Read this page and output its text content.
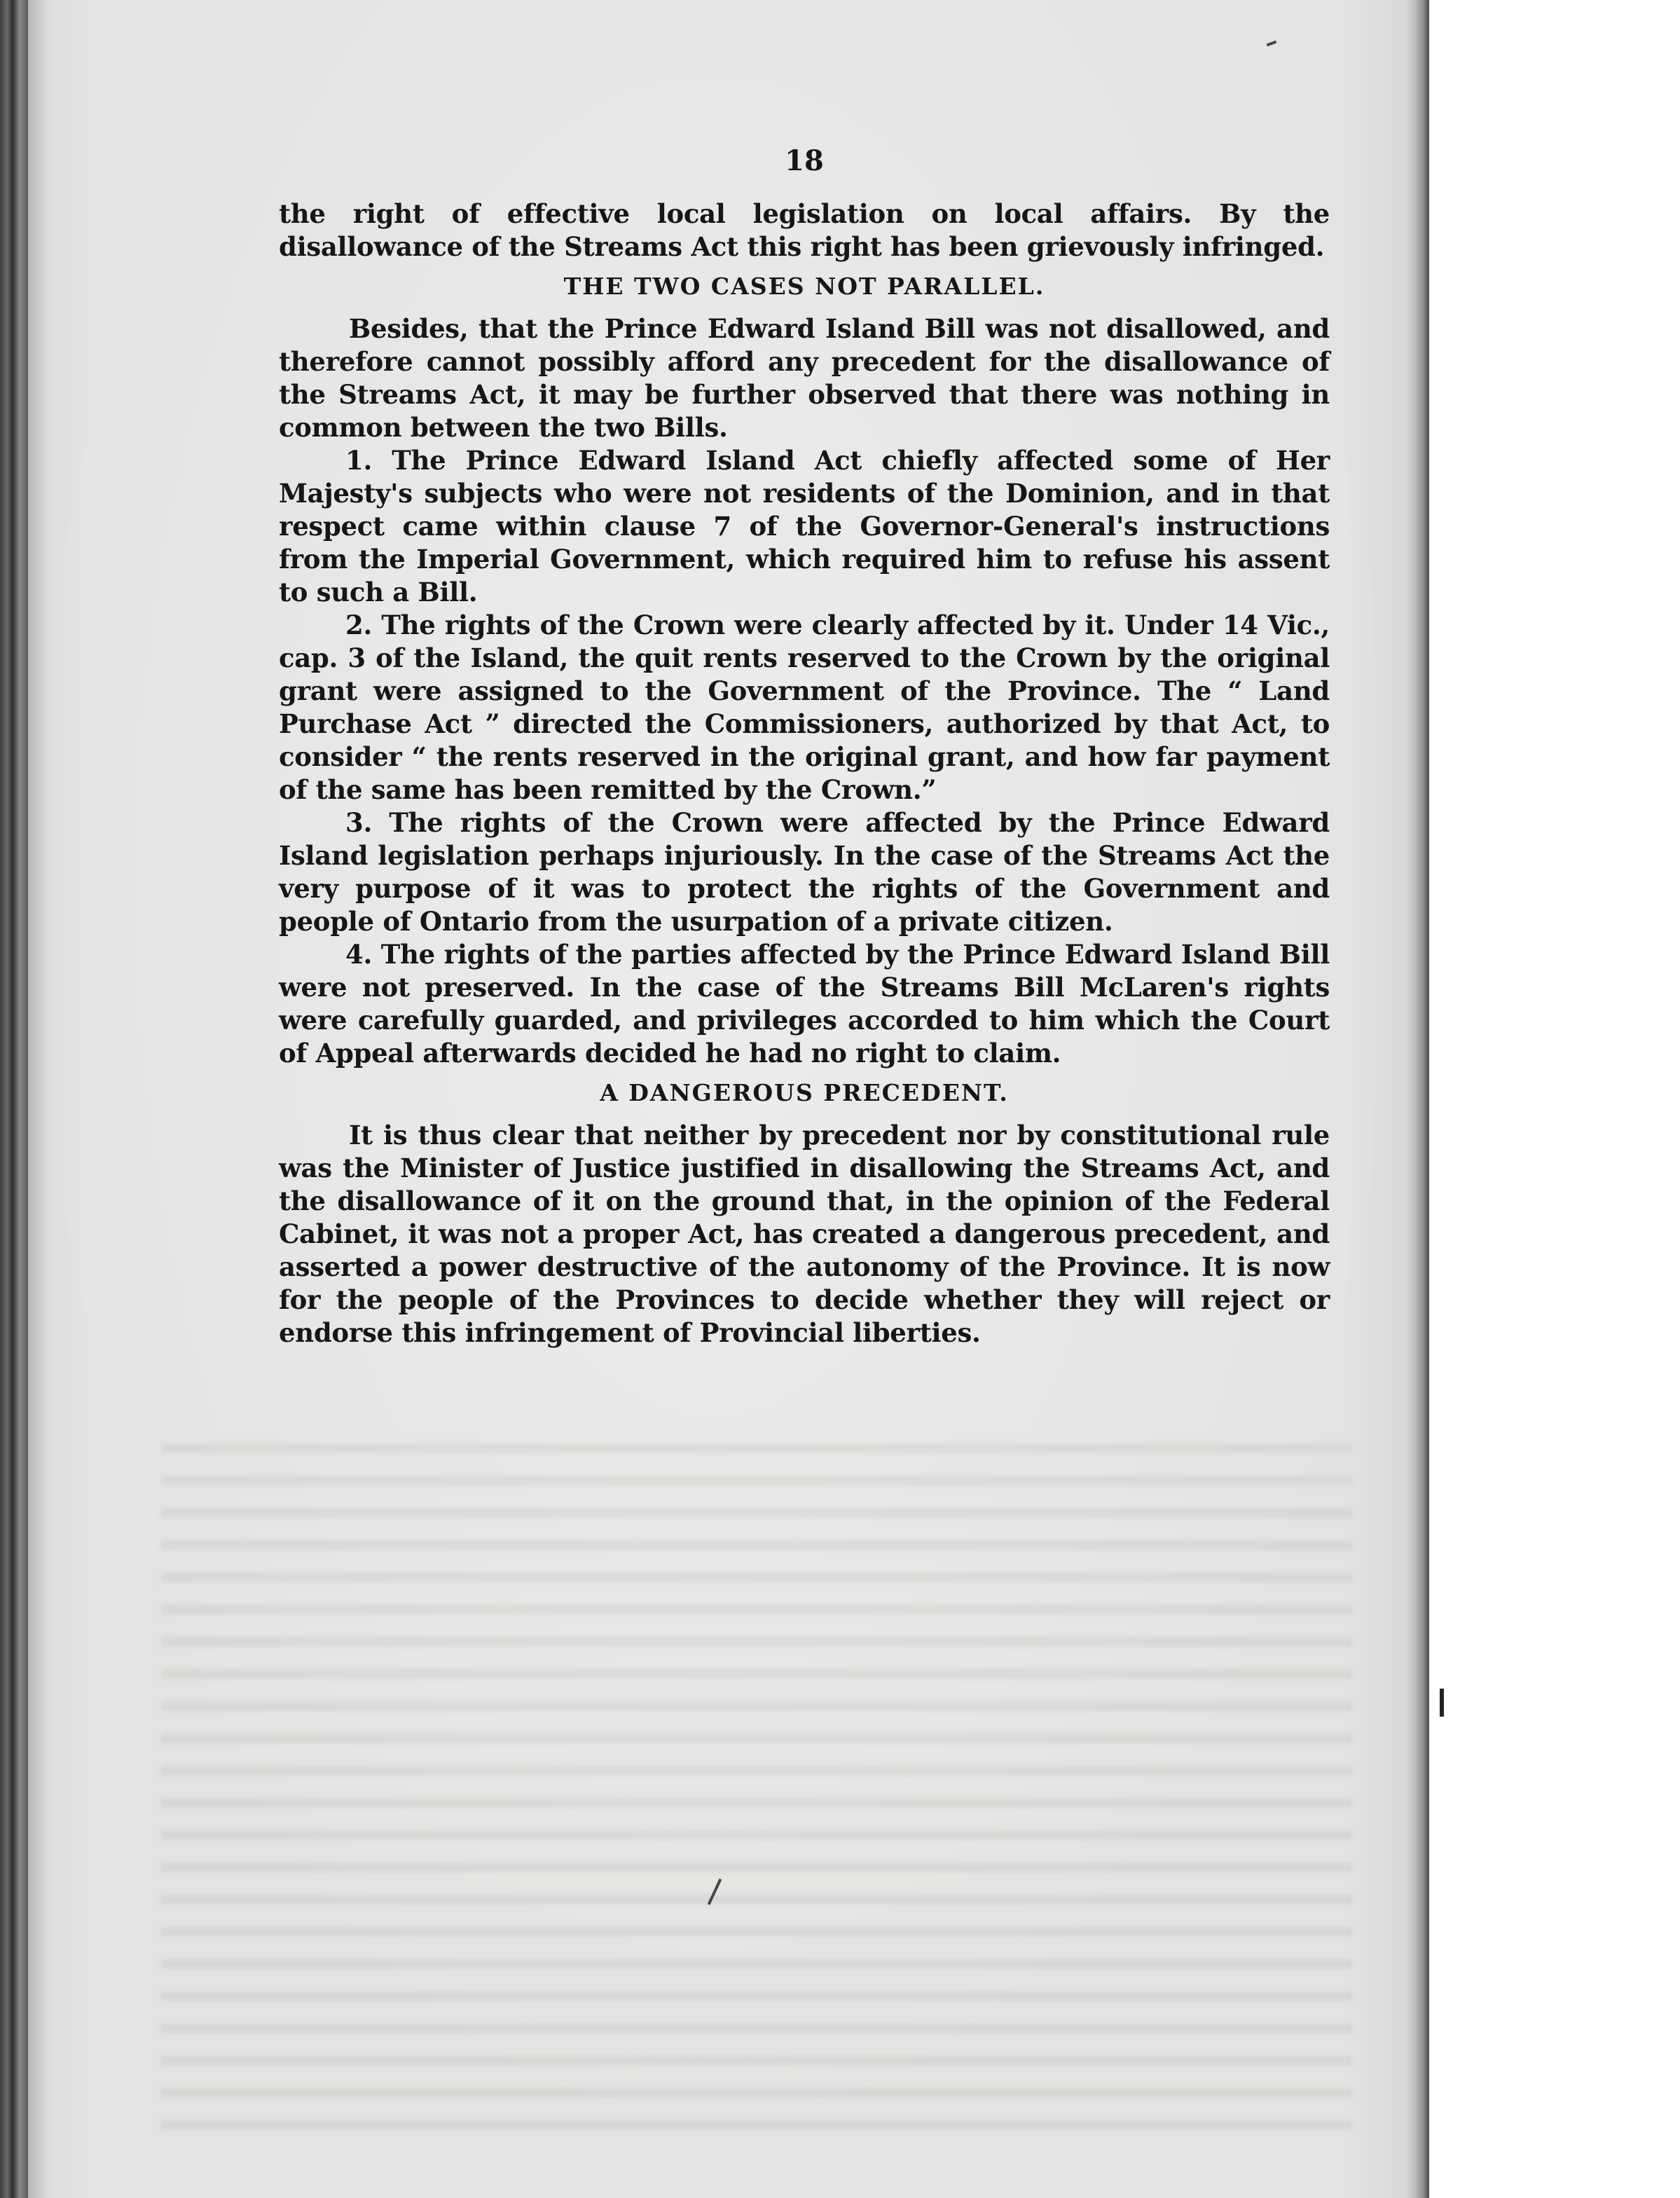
18

the right of effective local legislation on local affairs. By the disallowance of the Streams Act this right has been grievously infringed.

THE TWO CASES NOT PARALLEL.

Besides, that the Prince Edward Island Bill was not disallowed, and therefore cannot possibly afford any precedent for the disallowance of the Streams Act, it may be further observed that there was nothing in common between the two Bills.

1. The Prince Edward Island Act chiefly affected some of Her Majesty's subjects who were not residents of the Dominion, and in that respect came within clause 7 of the Governor-General's instructions from the Imperial Government, which required him to refuse his assent to such a Bill.

2. The rights of the Crown were clearly affected by it. Under 14 Vic., cap. 3 of the Island, the quit rents reserved to the Crown by the original grant were assigned to the Government of the Province. The “ Land Purchase Act ” directed the Commissioners, authorized by that Act, to consider “ the rents reserved in the original grant, and how far payment of the same has been remitted by the Crown.”

3. The rights of the Crown were affected by the Prince Edward Island legislation perhaps injuriously. In the case of the Streams Act the very purpose of it was to protect the rights of the Government and people of Ontario from the usurpation of a private citizen.

4. The rights of the parties affected by the Prince Edward Island Bill were not preserved. In the case of the Streams Bill McLaren's rights were carefully guarded, and privileges accorded to him which the Court of Appeal afterwards decided he had no right to claim.

A DANGEROUS PRECEDENT.

It is thus clear that neither by precedent nor by constitutional rule was the Minister of Justice justified in disallowing the Streams Act, and the disallowance of it on the ground that, in the opinion of the Federal Cabinet, it was not a proper Act, has created a dangerous precedent, and asserted a power destructive of the autonomy of the Province. It is now for the people of the Provinces to decide whether they will reject or endorse this infringement of Provincial liberties.
